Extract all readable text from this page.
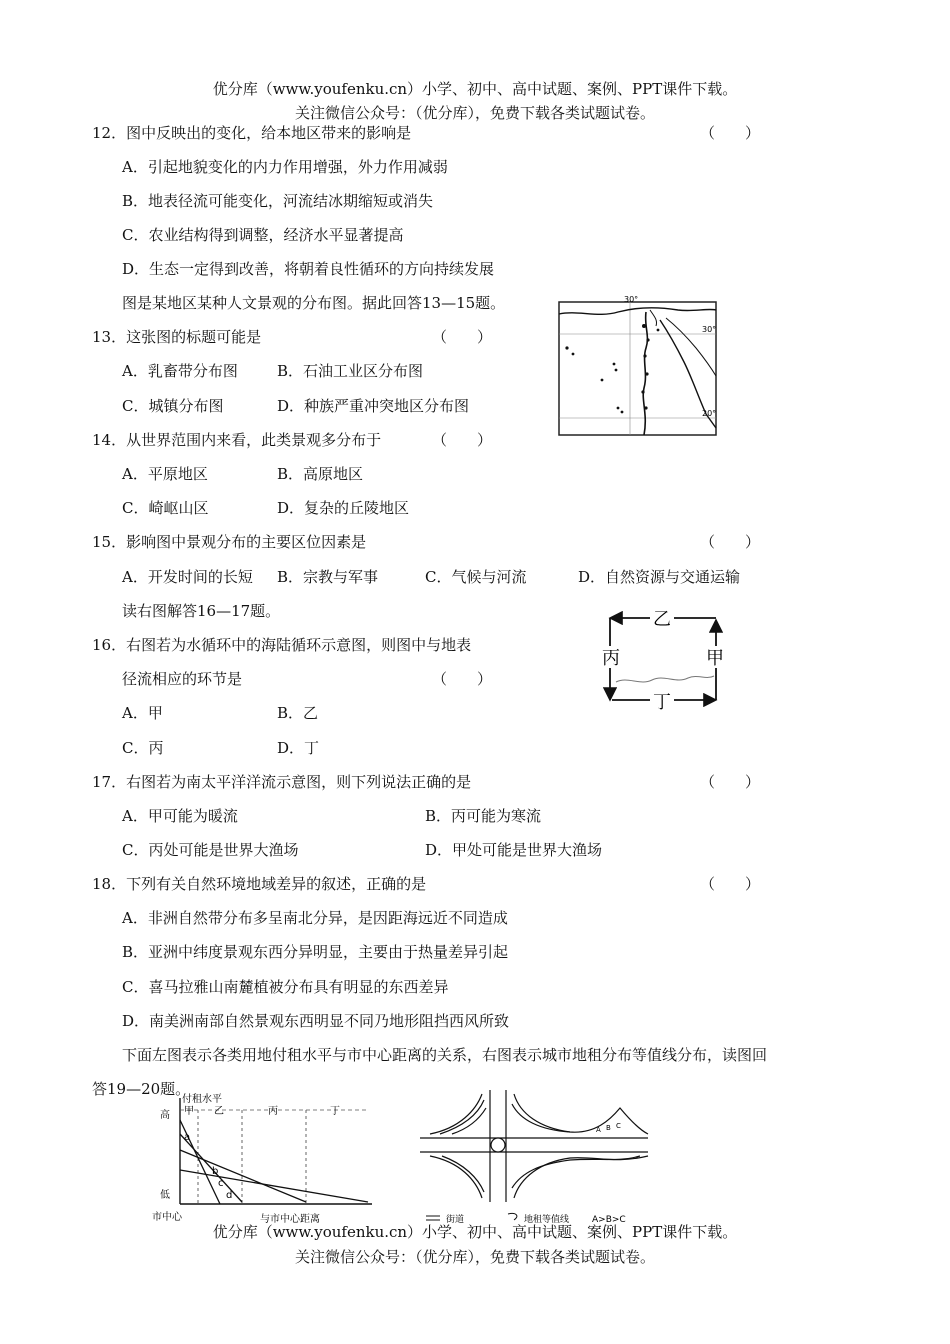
优分库（www.youfenku.cn）小学、初中、高中试题、案例、PPT课件下载。
关注微信公众号：（优分库），免费下载各类试题试卷。
12．图中反映出的变化，给本地区带来的影响是	（　　）
A．引起地貌变化的内力作用增强，外力作用减弱
B．地表径流可能变化，河流结冰期缩短或消失
C．农业结构得到调整，经济水平显著提高
D．生态一定得到改善，将朝着良性循环的方向持续发展
图是某地区某种人文景观的分布图。据此回答13—15题。
13．这张图的标题可能是	（　　）
A．乳畜带分布图	B．石油工业区分布图
C．城镇分布图	D．种族严重冲突地区分布图
14．从世界范围内来看，此类景观多分布于	（　　）
A．平原地区	B．高原地区
C．崎岖山区	D．复杂的丘陵地区
15．影响图中景观分布的主要区位因素是	（　　）
A．开发时间的长短 B．宗教与军事	C．气候与河流	D．自然资源与交通运输
读右图解答16—17题。
16．右图若为水循环中的海陆循环示意图，则图中与地表
径流相应的环节是	（　　）
A．甲	B．乙
C．丙	D．丁
17．右图若为南太平洋洋流示意图，则下列说法正确的是	（　　）
A．甲可能为暖流	B．丙可能为寒流
C．丙处可能是世界大渔场	D．甲处可能是世界大渔场
18．下列有关自然环境地域差异的叙述，正确的是	（　　）
A．非洲自然带分布多呈南北分异，是因距海远近不同造成
B．亚洲中纬度景观东西分异明显，主要由于热量差异引起
C．喜马拉雅山南麓植被分布具有明显的东西差异
D．南美洲南部自然景观东西明显不同乃地形阻挡西风所致
下面左图表示各类用地付租水平与市中心距离的关系，右图表示城市地租分布等值线分布，读图回
答19—20题。
30°
30°
20°
乙
丙	甲
丁
付租水平
高
低
市中心	与市中心距离
甲 乙	丙	丁
a
b
c
d
A B C
街道	地租等值线	A>B>C
优分库（www.youfenku.cn）小学、初中、高中试题、案例、PPT课件下载。
关注微信公众号：（优分库），免费下载各类试题试卷。
